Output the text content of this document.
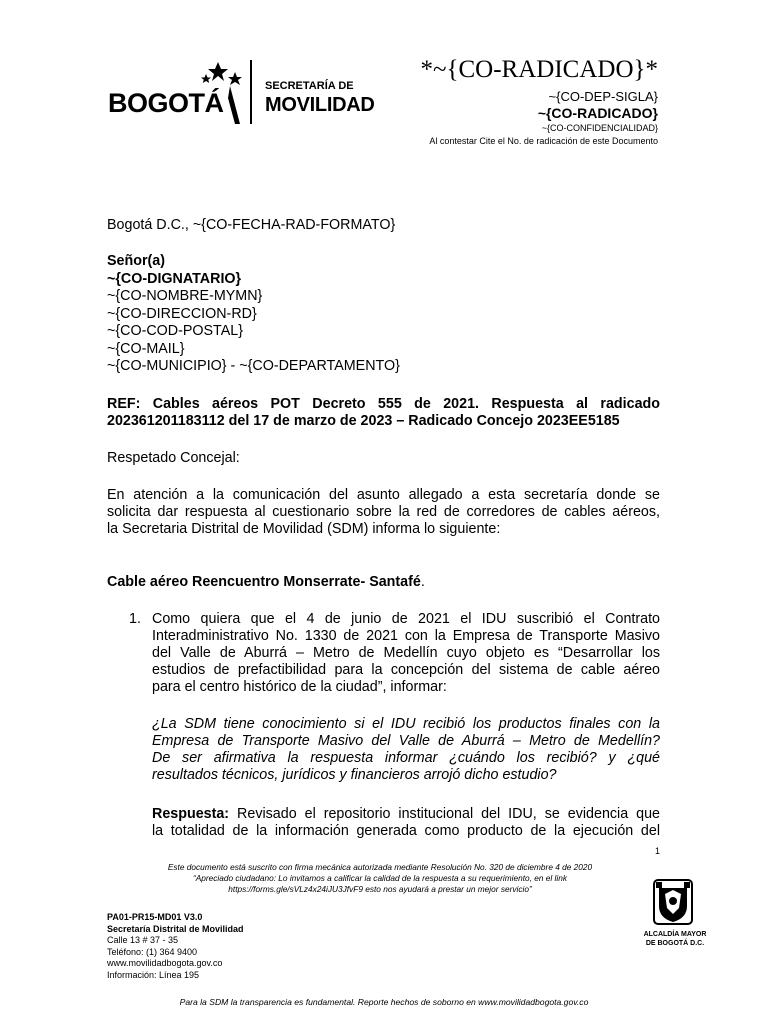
BOGOTÁ
SECRETARÍA DE
MOVILIDAD
*~{CO-RADICADO}*
~{CO-DEP-SIGLA}
~{CO-RADICADO}
~{CO-CONFIDENCIALIDAD}
Al contestar Cite el No. de radicación de este Documento
Bogotá D.C., ~{CO-FECHA-RAD-FORMATO}
Señor(a)
~{CO-DIGNATARIO}
~{CO-NOMBRE-MYMN}
~{CO-DIRECCION-RD}
~{CO-COD-POSTAL}
~{CO-MAIL}
~{CO-MUNICIPIO} - ~{CO-DEPARTAMENTO}
REF: Cables aéreos POT Decreto 555 de 2021. Respuesta al radicado
202361201183112 del 17 de marzo de 2023 – Radicado Concejo 2023EE5185
Respetado Concejal:
En atención a la comunicación del asunto allegado a esta secretaría donde se
solicita dar respuesta al cuestionario sobre la red de corredores de cables aéreos,
la Secretaria Distrital de Movilidad (SDM) informa lo siguiente:
Cable aéreo Reencuentro Monserrate- Santafé.
1. Como quiera que el 4 de junio de 2021 el IDU suscribió el Contrato
Interadministrativo No. 1330 de 2021 con la Empresa de Transporte Masivo
del Valle de Aburrá – Metro de Medellín cuyo objeto es “Desarrollar los
estudios de prefactibilidad para la concepción del sistema de cable aéreo
para el centro histórico de la ciudad”, informar:
¿La SDM tiene conocimiento si el IDU recibió los productos finales con la
Empresa de Transporte Masivo del Valle de Aburrá – Metro de Medellín?
De ser afirmativa la respuesta informar ¿cuándo los recibió? y ¿qué
resultados técnicos, jurídicos y financieros arrojó dicho estudio?
Respuesta: Revisado el repositorio institucional del IDU, se evidencia que
la totalidad de la información generada como producto de la ejecución del
1
Este documento está suscrito con firma mecánica autorizada mediante Resolución No. 320 de diciembre 4 de 2020
“Apreciado ciudadano: Lo invitamos a calificar la calidad de la respuesta a su requerimiento, en el link
https://forms.gle/sVLz4x24iJU3JfvF9 esto nos ayudará a prestar un mejor servicio”
PA01-PR15-MD01 V3.0
Secretaría Distrital de Movilidad
Calle 13 # 37 - 35
Teléfono: (1) 364 9400
www.movilidadbogota.gov.co
Información: Línea 195
ALCALDÍA MAYOR
DE BOGOTÁ D.C.
Para la SDM la transparencia es fundamental. Reporte hechos de soborno en www.movilidadbogota.gov.co
